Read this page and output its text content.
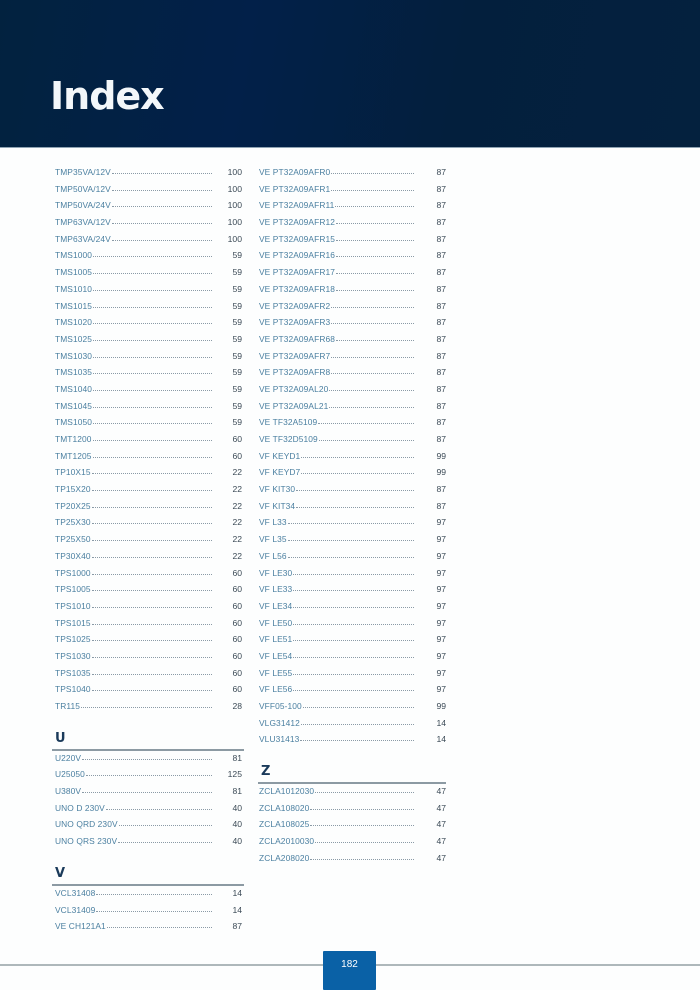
Index
TMP35VA/12V	100
TMP50VA/12V	100
TMP50VA/24V	100
TMP63VA/12V	100
TMP63VA/24V	100
TMS1000	59
TMS1005	59
TMS1010	59
TMS1015	59
TMS1020	59
TMS1025	59
TMS1030	59
TMS1035	59
TMS1040	59
TMS1045	59
TMS1050	59
TMT1200	60
TMT1205	60
TP10X15	22
TP15X20	22
TP20X25	22
TP25X30	22
TP25X50	22
TP30X40	22
TPS1000	60
TPS1005	60
TPS1010	60
TPS1015	60
TPS1025	60
TPS1030	60
TPS1035	60
TPS1040	60
TR115	28
U
U220V	81
U25050	125
U380V	81
UNO D 230V	40
UNO QRD 230V	40
UNO QRS 230V	40
V
VCL31408	14
VCL31409	14
VE CH121A1	87
VE PT32A09AFR0	87
VE PT32A09AFR1	87
VE PT32A09AFR11	87
VE PT32A09AFR12	87
VE PT32A09AFR15	87
VE PT32A09AFR16	87
VE PT32A09AFR17	87
VE PT32A09AFR18	87
VE PT32A09AFR2	87
VE PT32A09AFR3	87
VE PT32A09AFR68	87
VE PT32A09AFR7	87
VE PT32A09AFR8	87
VE PT32A09AL20	87
VE PT32A09AL21	87
VE TF32A5109	87
VE TF32D5109	87
VF KEYD1	99
VF KEYD7	99
VF KIT30	87
VF KIT34	87
VF L33	97
VF L35	97
VF L56	97
VF LE30	97
VF LE33	97
VF LE34	97
VF LE50	97
VF LE51	97
VF LE54	97
VF LE55	97
VF LE56	97
VFF05-100	99
VLG31412	14
VLU31413	14
Z
ZCLA1012030	47
ZCLA108020	47
ZCLA108025	47
ZCLA2010030	47
ZCLA208020	47
182
